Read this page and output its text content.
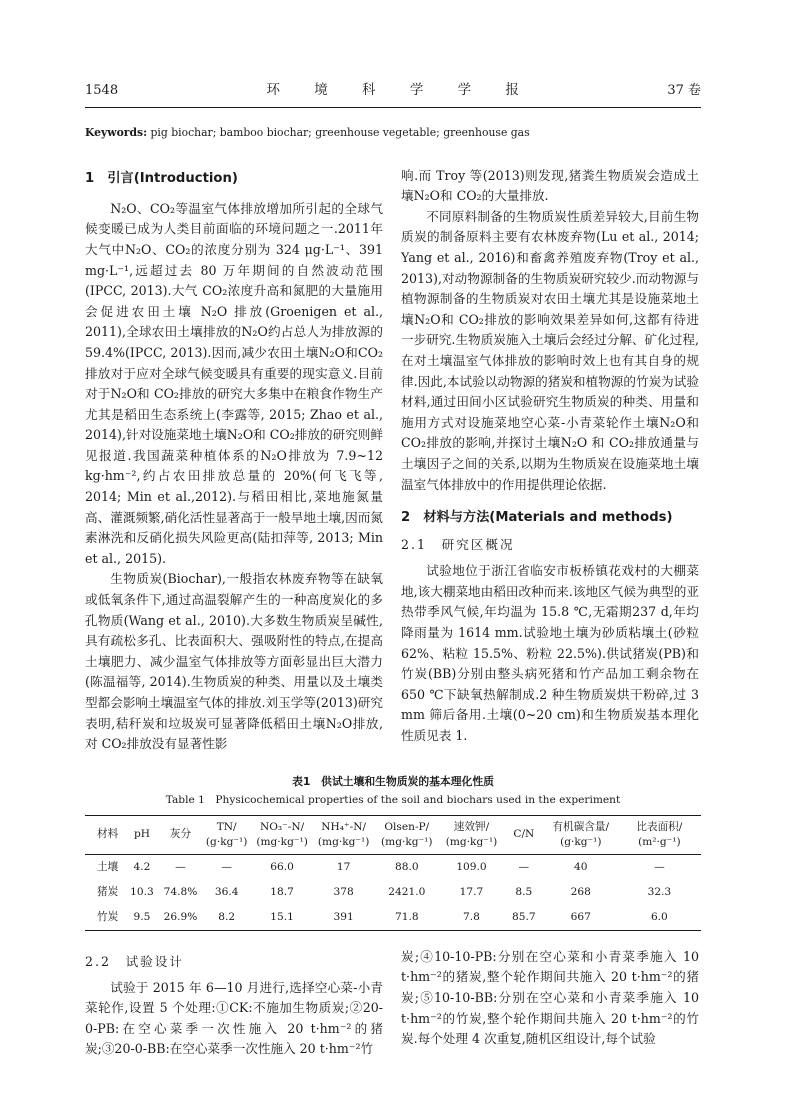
1548	环 境 科 学 学 报	37 卷
Keywords: pig biochar; bamboo biochar; greenhouse vegetable; greenhouse gas
1　引言(Introduction)

N₂O、CO₂等温室气体排放增加所引起的全球气候变暖已成为人类目前面临的环境问题之一.2011年大气中N₂O、CO₂的浓度分别为 324 μg·L⁻¹、391 mg·L⁻¹,远超过去 80 万年期间的自然波动范围(IPCC, 2013).大气 CO₂浓度升高和氮肥的大量施用会促进农田土壤 N₂O 排放(Groenigen et al., 2011),全球农田土壤排放的N₂O约占总人为排放源的 59.4%(IPCC, 2013).因而,减少农田土壤N₂O和CO₂排放对于应对全球气候变暖具有重要的现实意义.目前对于N₂O和 CO₂排放的研究大多集中在粮食作物生产尤其是稻田生态系统上(李露等, 2015; Zhao et al., 2014),针对设施菜地土壤N₂O和 CO₂排放的研究则鲜见报道.我国蔬菜种植体系的N₂O排放为 7.9~12 kg·hm⁻²,约占农田排放总量的 20%(何飞飞等, 2014; Min et al.,2012).与稻田相比,菜地施氮量高、灌溉频繁,硝化活性显著高于一般旱地土壤,因而氮素淋洗和反硝化损失风险更高(陆扣萍等, 2013; Min et al., 2015).

生物质炭(Biochar),一般指农林废弃物等在缺氧或低氧条件下,通过高温裂解产生的一种高度炭化的多孔物质(Wang et al., 2010).大多数生物质炭呈碱性,具有疏松多孔、比表面积大、强吸附性的特点,在提高土壤肥力、减少温室气体排放等方面彰显出巨大潜力(陈温福等, 2014).生物质炭的种类、用量以及土壤类型都会影响土壤温室气体的排放.刘玉学等(2013)研究表明,秸秆炭和垃圾炭可显著降低稻田土壤N₂O排放,对 CO₂排放没有显著性影

响.而 Troy 等(2013)则发现,猪粪生物质炭会造成土壤N₂O和 CO₂的大量排放.

不同原料制备的生物质炭性质差异较大,目前生物质炭的制备原料主要有农林废弃物(Lu et al., 2014; Yang et al., 2016)和畜禽养殖废弃物(Troy et al., 2013),对动物源制备的生物质炭研究较少.而动物源与植物源制备的生物质炭对农田土壤尤其是设施菜地土壤N₂O和 CO₂排放的影响效果差异如何,这都有待进一步研究.生物质炭施入土壤后会经过分解、矿化过程,在对土壤温室气体排放的影响时效上也有其自身的规律.因此,本试验以动物源的猪炭和植物源的竹炭为试验材料,通过田间小区试验研究生物质炭的种类、用量和施用方式对设施菜地空心菜-小青菜轮作土壤N₂O和 CO₂排放的影响,并探讨土壤N₂O 和 CO₂排放通量与土壤因子之间的关系,以期为生物质炭在设施菜地土壤温室气体排放中的作用提供理论依据.

2　材料与方法(Materials and methods)
2.1　研究区概况

试验地位于浙江省临安市板桥镇花戏村的大棚菜地,该大棚菜地由稻田改种而来.该地区气候为典型的亚热带季风气候,年均温为 15.8 ℃,无霜期237 d,年均降雨量为 1614 mm.试验地土壤为砂质粘壤土(砂粒62%、粘粒 15.5%、粉粒 22.5%).供试猪炭(PB)和竹炭(BB)分别由整头病死猪和竹产品加工剩余物在650 ℃下缺氧热解制成.2 种生物质炭烘干粉碎,过 3 mm 筛后备用.土壤(0~20 cm)和生物质炭基本理化性质见表 1.

表1　供试土壤和生物质炭的基本理化性质
Table 1　Physicochemical properties of the soil and biochars used in the experiment
材料	pH	灰分	TN/
(g·kg⁻¹)	NO₃⁻-N/
(mg·kg⁻¹)	NH₄⁺-N/
(mg·kg⁻¹)	Olsen-P/
(mg·kg⁻¹)	速效钾/
(mg·kg⁻¹)	C/N	有机碳含量/
(g·kg⁻¹)	比表面积/
(m²·g⁻¹)

土壤	4.2	—	—	66.0	17	88.0	109.0	—	40	—
猪炭	10.3	74.8%	36.4	18.7	378	2421.0	17.7	8.5	268	32.3
竹炭	9.5	26.9%	8.2	15.1	391	71.8	7.8	85.7	667	6.0
2.2　试验设计

试验于 2015 年 6—10 月进行,选择空心菜-小青菜轮作,设置 5 个处理:①CK:不施加生物质炭;②20-0-PB:在空心菜季一次性施入 20 t·hm⁻²的猪炭;③20-0-BB:在空心菜季一次性施入 20 t·hm⁻²竹

炭;④10-10-PB:分别在空心菜和小青菜季施入 10 t·hm⁻²的猪炭,整个轮作期间共施入 20 t·hm⁻²的猪炭;⑤10-10-BB:分别在空心菜和小青菜季施入 10 t·hm⁻²的竹炭,整个轮作期间共施入 20 t·hm⁻²的竹炭.每个处理 4 次重复,随机区组设计,每个试验
